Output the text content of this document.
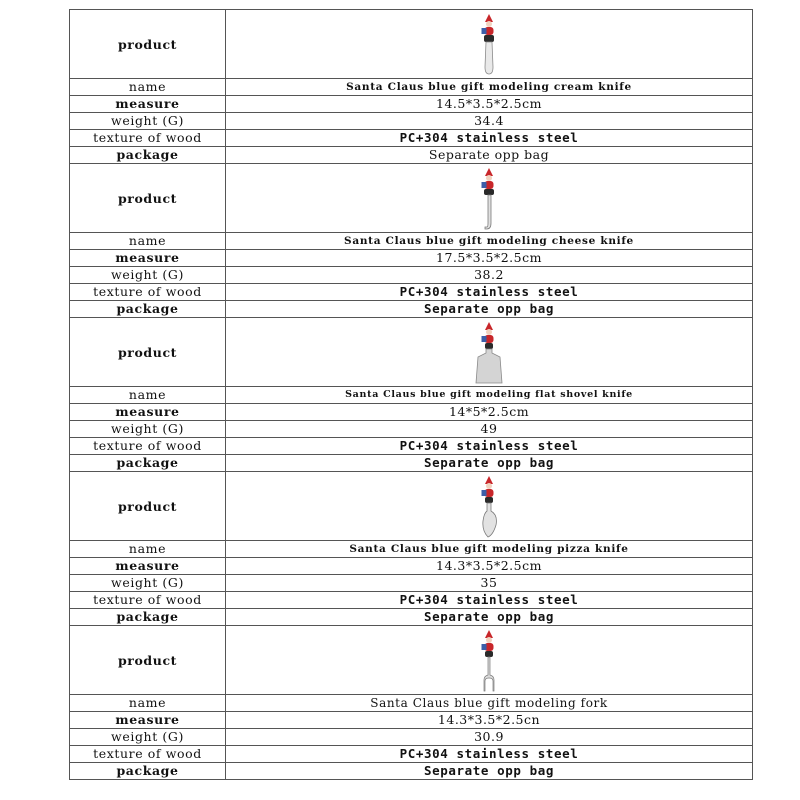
product	

name	Santa Claus blue gift modeling cream knife
measure	14.5*3.5*2.5cm
weight (G)	34.4
texture of wood	PC+304 stainless steel
package	Separate opp bag
product	

name	Santa Claus blue gift modeling cheese knife
measure	17.5*3.5*2.5cm
weight (G)	38.2
texture of wood	PC+304 stainless steel
package	Separate opp bag
product	

name	Santa Claus blue gift modeling flat shovel knife
measure	14*5*2.5cm
weight (G)	49
texture of wood	PC+304 stainless steel
package	Separate opp bag
product	

name	Santa Claus blue gift modeling pizza knife
measure	14.3*3.5*2.5cm
weight (G)	35
texture of wood	PC+304 stainless steel
package	Separate opp bag
product	

name	Santa Claus blue gift modeling fork
measure	14.3*3.5*2.5cn
weight (G)	30.9
texture of wood	PC+304 stainless steel
package	Separate opp bag
